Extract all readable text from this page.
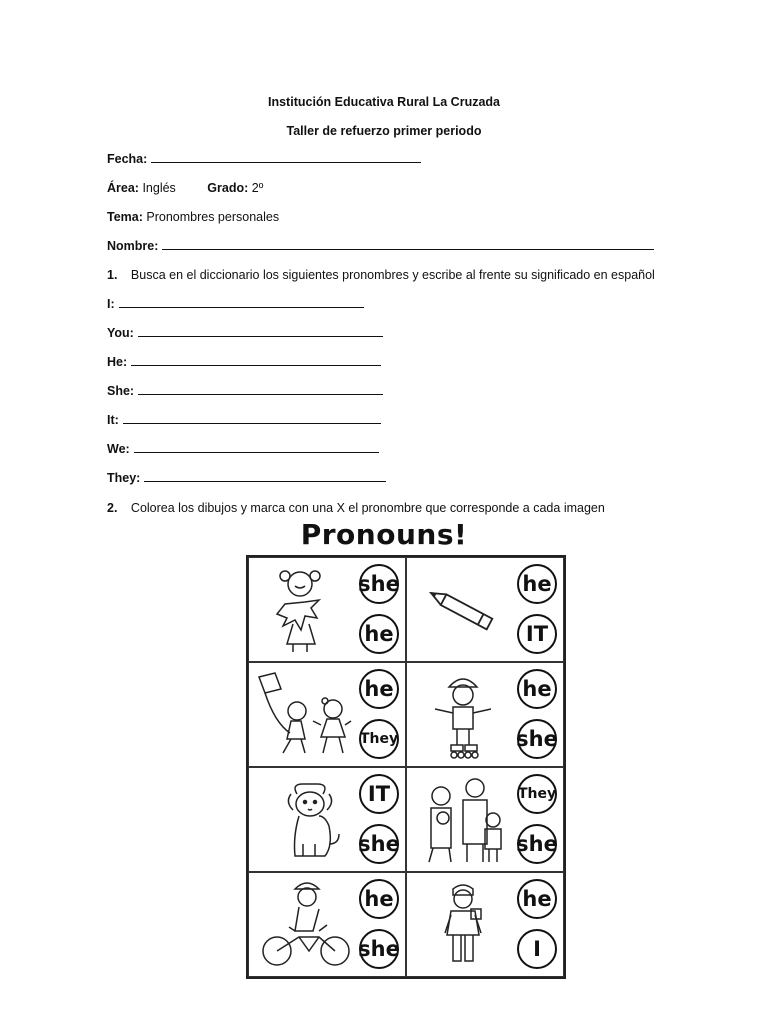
Institución Educativa Rural La Cruzada
Taller de refuerzo primer periodo
Fecha:
Área: Inglés	Grado: 2º
Tema: Pronombres personales
Nombre:
1. Busca en el diccionario los siguientes pronombres y escribe al frente su significado en español
I:
You:
He:
She:
It:
We:
They:
2. Colorea los dibujos y marca con una X el pronombre que corresponde a cada imagen
Pronouns!
she
he
he
IT
he
They
he
she
IT
she
They
she
he
she
he
I
